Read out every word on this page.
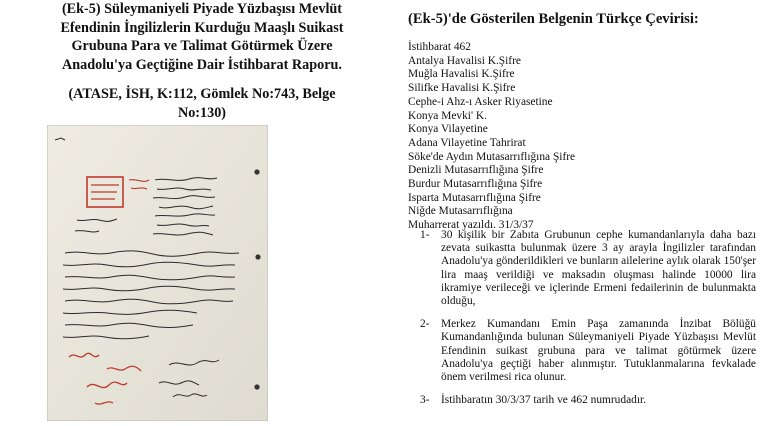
(Ek-5) Süleymaniyeli Piyade Yüzbaşısı Mevlüt
Efendinin İngilizlerin Kurduğu Maaşlı Suikast
Grubuna Para ve Talimat Götürmek Üzere
Anadolu'ya Geçtiğine Dair İstihbarat Raporu.
(ATASE, İSH, K:112, Gömlek No:743, Belge
No:130)
(Ek-5)'de Gösterilen Belgenin Türkçe Çevirisi:
İstihbarat 462
Antalya Havalisi K.Şifre
Muğla Havalisi K.Şifre
Silifke Havalisi K.Şifre
Cephe-i Ahz-ı Asker Riyasetine
Konya Mevki' K.
Konya Vilayetine
Adana Vilayetine Tahrirat
Söke'de Aydın Mutasarrıflığına Şifre
Denizli Mutasarrıflığına Şifre
Burdur Mutasarrıflığına Şifre
Isparta Mutasarrıflığına Şifre
Niğde Mutasarrıflığına
Muharrerat yazıldı. 31/3/37
1- 30 kişilik bir Zabıta Grubunun cephe kumandanlarıyla daha bazı zevata suikastta bulunmak üzere 3 ay arayla İngilizler tarafından Anadolu'ya gönderildikleri ve bunların ailelerine aylık olarak 150'şer lira maaş verildiği ve maksadın oluşması halinde 10000 lira ikramiye verileceği ve içlerinde Ermeni fedailerinin de bulunmakta olduğu,
2- Merkez Kumandanı Emin Paşa zamanında İnzibat Bölüğü Kumandanlığında bulunan Süleymaniyeli Piyade Yüzbaşısı Mevlüt Efendinin suikast grubuna para ve talimat götürmek üzere Anadolu'ya geçtiği haber alınmıştır. Tutuklanmalarına fevkalade önem verilmesi rica olunur.
3- İstihbaratın 30/3/37 tarih ve 462 numrudadır.
